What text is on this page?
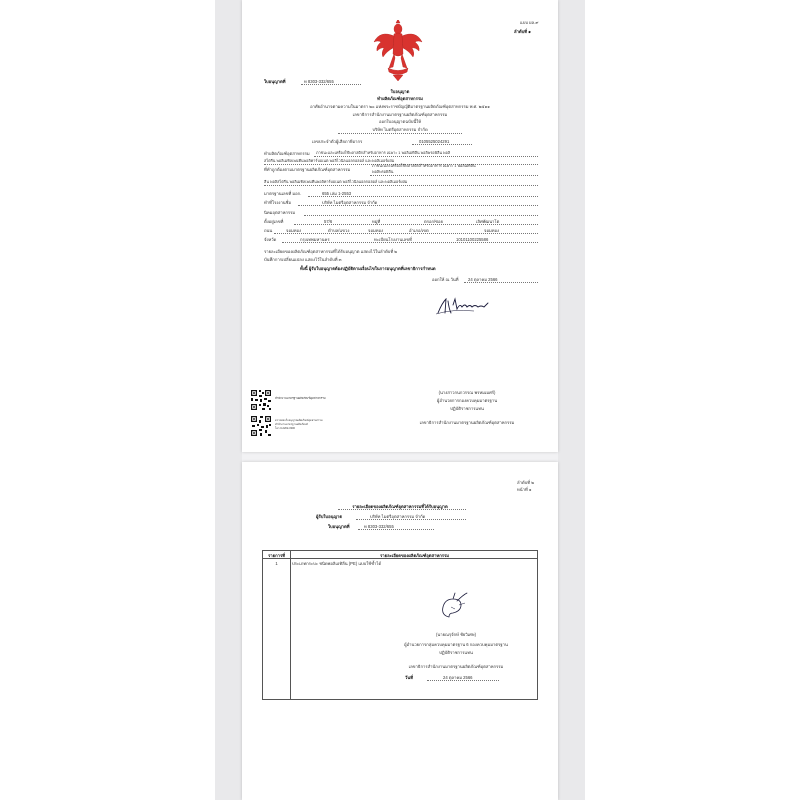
แบบ ผล.๙
ลำดับที่ ๑
ใบอนุญาตที่	ท 8303-332/655
ใบอนุญาต
ทำผลิตภัณฑ์อุตสาหกรรม
อาศัยอำนาจตามความในมาตรา ๒๐ แห่งพระราชบัญญัติมาตรฐานผลิตภัณฑ์อุตสาหกรรม พ.ศ. ๒๕๑๑
เลขาธิการสำนักงานมาตรฐานผลิตภัณฑ์อุตสาหกรรม
ออกใบอนุญาตฉบับนี้ให้
บริษัท ไมตรีอุตสาหกรรม จำกัด
เลขประจำตัวผู้เสียภาษีอากร	0105525024291
ทำผลิตภัณฑ์อุตสาหกรรม ภาชนะและเครื่องใช้พลาสติกสำหรับอาหาร เฉพาะ 1 พอลิเอทิลีน พอลิพรอพิลีน พอลิ
สไตรีน พอลิเมทิลเพนทีนพอลิคาร์บอเนต พอลิไวนิลแอลกอฮอล์ และพอลิเมอร์ผสม
ที่ทำถูกต้องตามมาตรฐานผลิตภัณฑ์อุตสาหกรรม
ภาชนะและเครื่องใช้พลาสติกสำหรับอาหาร เฉพาะ 1 พอลิเอทิลีน
พอลิพรอพิลีน
ลีน พอลิสไตรีน พอลิเมทิลเพนทีนพอลิคาร์บอเนต พอลิไวนิลแอลกอฮอล์ และพอลิเมอร์ผสม
มาตรฐานเลขที่ มอก.	655 เล่ม 1-2553
ทำที่โรงงานชื่อ	บริษัท ไมตรีอุตสาหกรรม จำกัด
นิคมอุตสาหกรรม
ตั้งอยู่เลขที่	57/6	หมู่ที่	ตรอก/ซอย	เลิศพัฒนาโต
ถนน	จอมทอง	ตำบล/แขวง	จอมทอง	อำเภอ/เขต	จอมทอง
จังหวัด	กรุงเทพมหานคร	ทะเบียนโรงงานเลขที่	10101100225586
รายละเอียดของผลิตภัณฑ์อุตสาหกรรมที่ได้รับอนุญาต แสดงไว้ในลำดับที่ ๒
บันทึกการเปลี่ยนแปลง แสดงไว้ในลำดับที่ ๓
ทั้งนี้ ผู้รับใบอนุญาตต้องปฏิบัติตามเงื่อนไขในการอนุญาตที่เลขาธิการกำหนด
ออกให้ ณ วันที่ 24 ตุลาคม 2566
สำนักงานมาตรฐานผลิตภัณฑ์อุตสาหกรรม
ตรวจสอบใบอนุญาตผลิตภัณฑ์อุตสาหกรรม
สำนักงานมาตรฐานผลิตภัณฑ์
โทร 0-2202-3300
(นางสาวกนกวรรณ พรหมเมศร์)
ผู้อำนวยการกองควบคุมมาตรฐาน
ปฏิบัติราชการแทน
เลขาธิการสำนักงานมาตรฐานผลิตภัณฑ์อุตสาหกรรม
ลำดับที่ ๒
หน้าที่ ๑
รายละเอียดของผลิตภัณฑ์อุตสาหกรรมที่ได้รับอนุญาต
ผู้รับใบอนุญาต	บริษัท ไมตรีอุตสาหกรรม จำกัด
ใบอนุญาตที่	ท 8303-332/655
รายการที่	รายละเอียดของผลิตภัณฑ์อุตสาหกรรม
1	ประเภทกระบะ ชนิดพอลิเอทิลีน (PE) แบบใช้ซ้ำได้
(นายณรุจักษ์ ชัยวิเศษ)
ผู้อำนวยการกลุ่มควบคุมมาตรฐาน 6 กองควบคุมมาตรฐาน
ปฏิบัติราชการแทน
เลขาธิการสำนักงานมาตรฐานผลิตภัณฑ์อุตสาหกรรม
วันที่	24 ตุลาคม 2566
